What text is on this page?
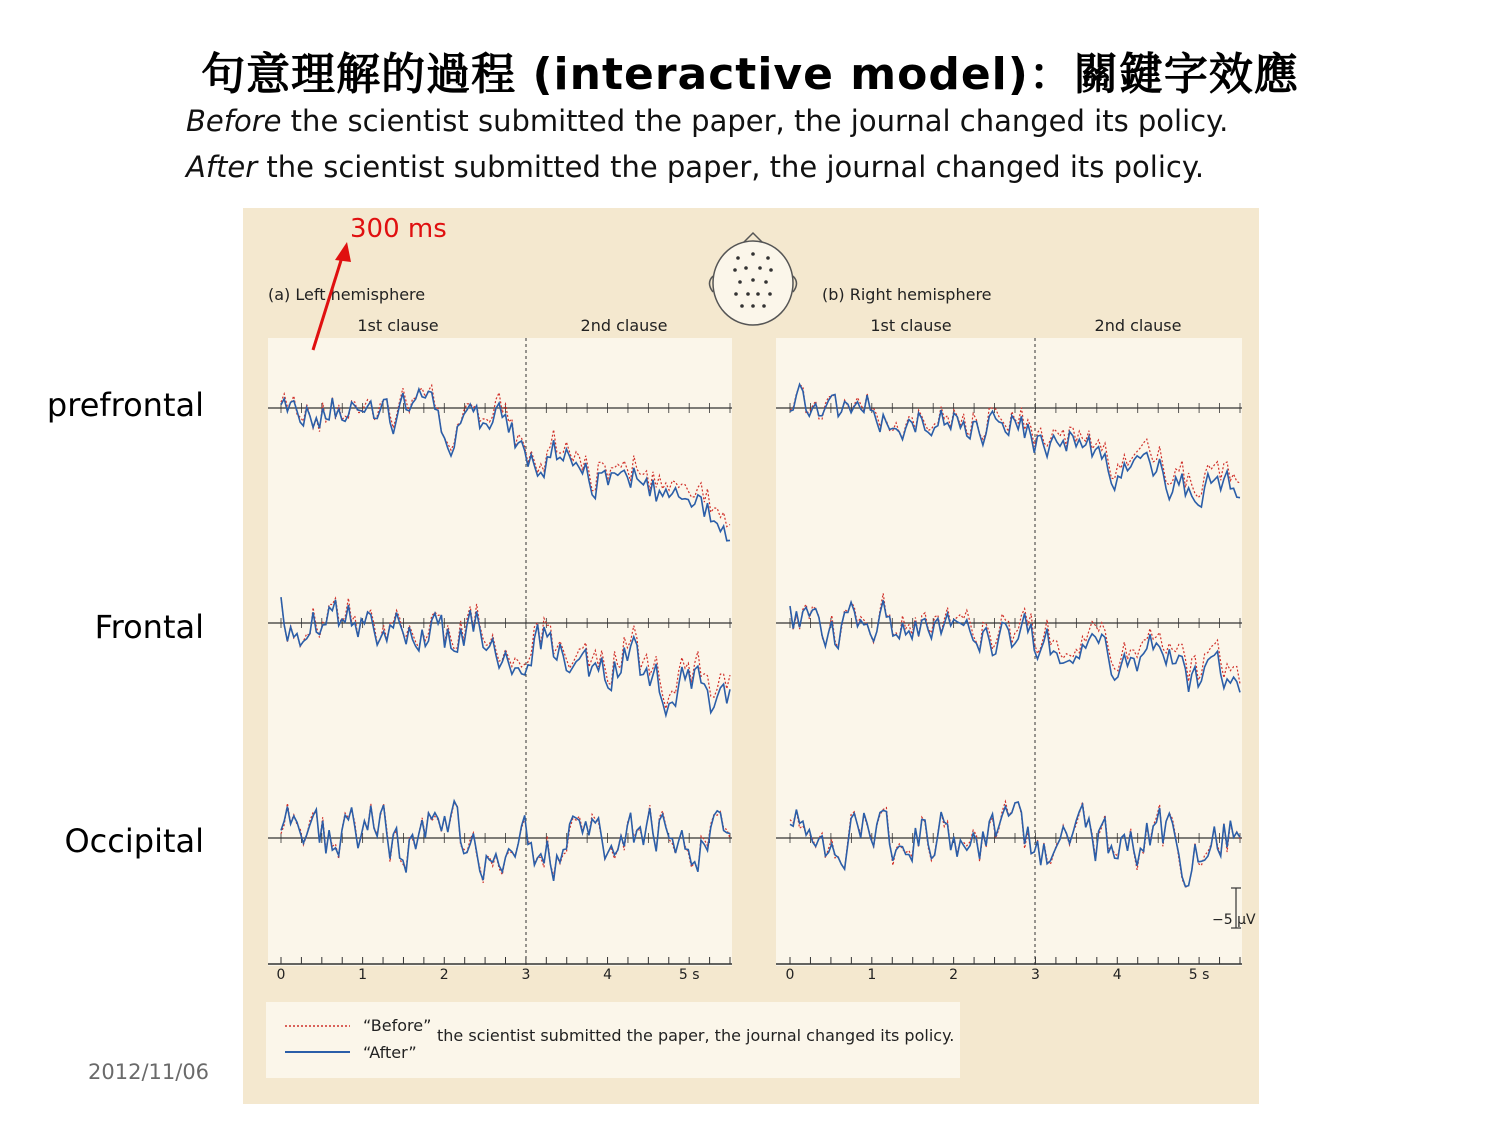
句意理解的過程 (interactive model)：關鍵字效應
Before the scientist submitted the paper, the journal changed its policy.
After the scientist submitted the paper, the journal changed its policy.
prefrontal
Frontal
Occipital
(a) Left hemisphere	(b) Right hemisphere
1st clause	2nd clause	1st clause	2nd clause
0	1	2	3	4	5 s	0	1	2	3	4	5 s
−5 µV
300 ms
“Before”
“After”
the scientist submitted the paper, the journal changed its policy.
2012/11/06
